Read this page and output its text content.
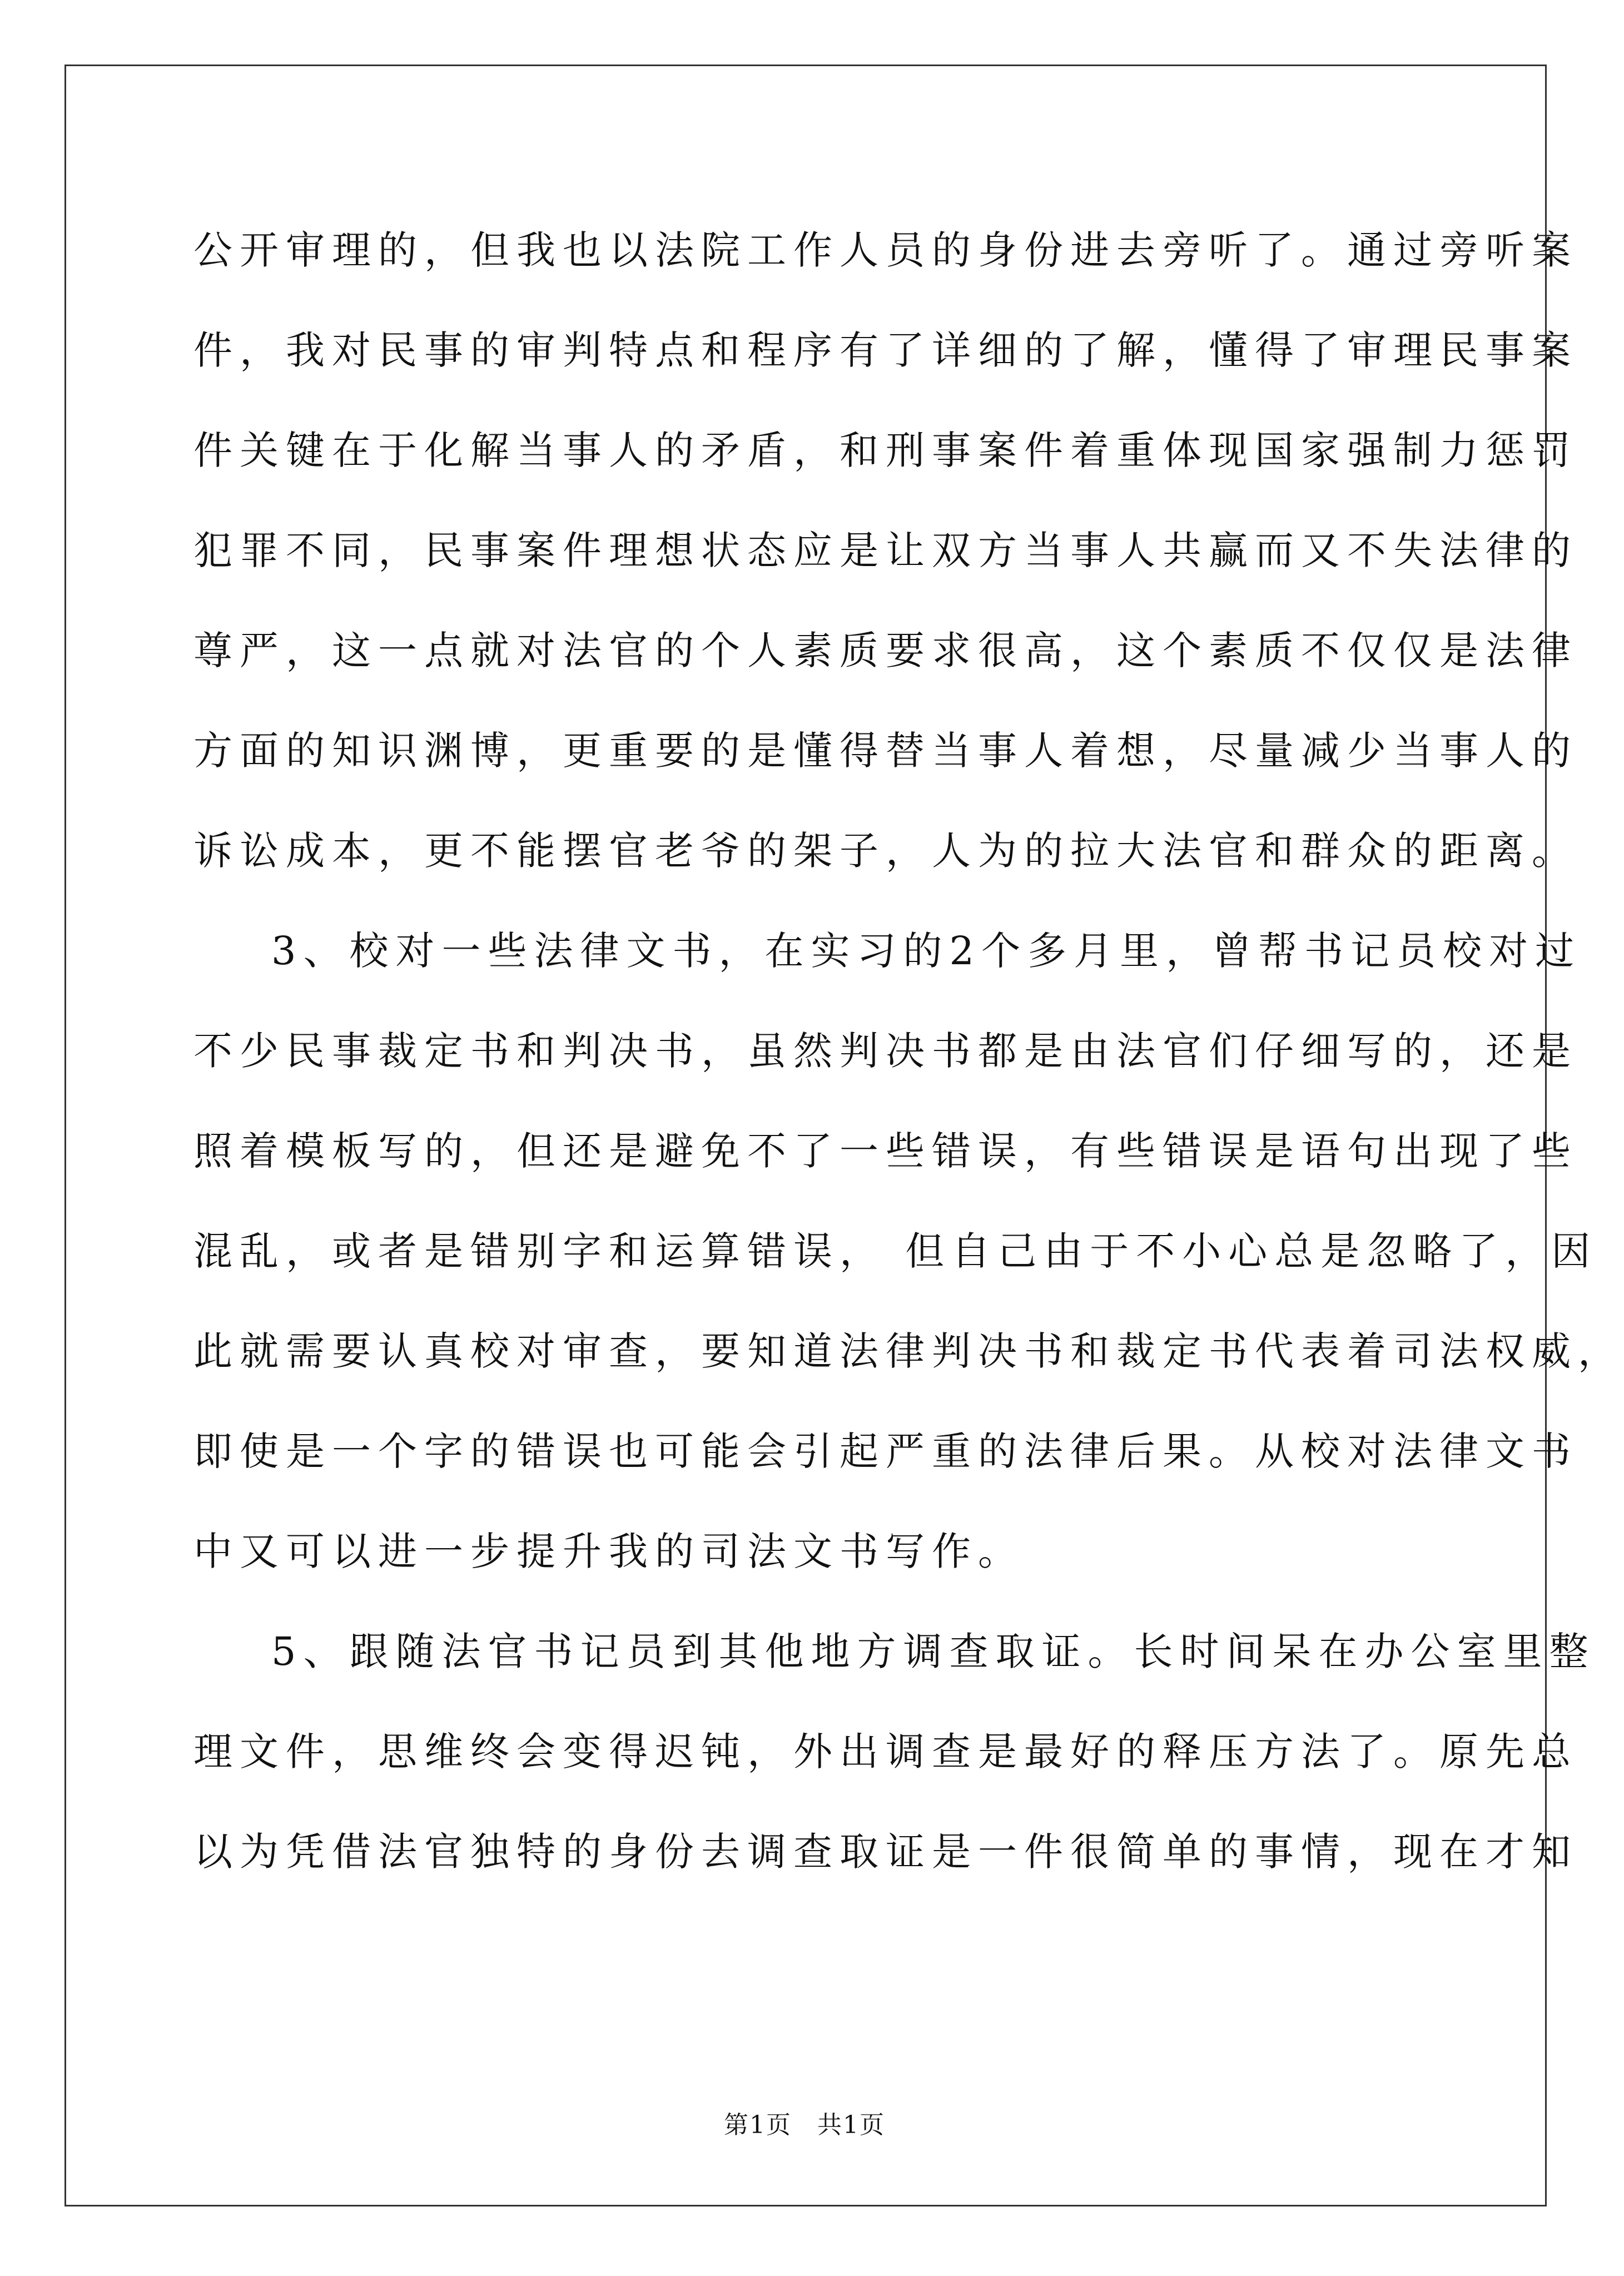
公开审理的，但我也以法院工作人员的身份进去旁听了。通过旁听案
件，我对民事的审判特点和程序有了详细的了解，懂得了审理民事案
件关键在于化解当事人的矛盾，和刑事案件着重体现国家强制力惩罚
犯罪不同，民事案件理想状态应是让双方当事人共赢而又不失法律的
尊严，这一点就对法官的个人素质要求很高，这个素质不仅仅是法律
方面的知识渊博，更重要的是懂得替当事人着想，尽量减少当事人的
诉讼成本，更不能摆官老爷的架子，人为的拉大法官和群众的距离。
3、校对一些法律文书，在实习的2个多月里，曾帮书记员校对过
不少民事裁定书和判决书，虽然判决书都是由法官们仔细写的，还是
照着模板写的，但还是避免不了一些错误，有些错误是语句出现了些
混乱，或者是错别字和运算错误， 但自己由于不小心总是忽略了，因
此就需要认真校对审查，要知道法律判决书和裁定书代表着司法权威，
即使是一个字的错误也可能会引起严重的法律后果。从校对法律文书
中又可以进一步提升我的司法文书写作。
5、跟随法官书记员到其他地方调查取证。长时间呆在办公室里整
理文件，思维终会变得迟钝，外出调查是最好的释压方法了。原先总
以为凭借法官独特的身份去调查取证是一件很简单的事情，现在才知
第1页　共1页
